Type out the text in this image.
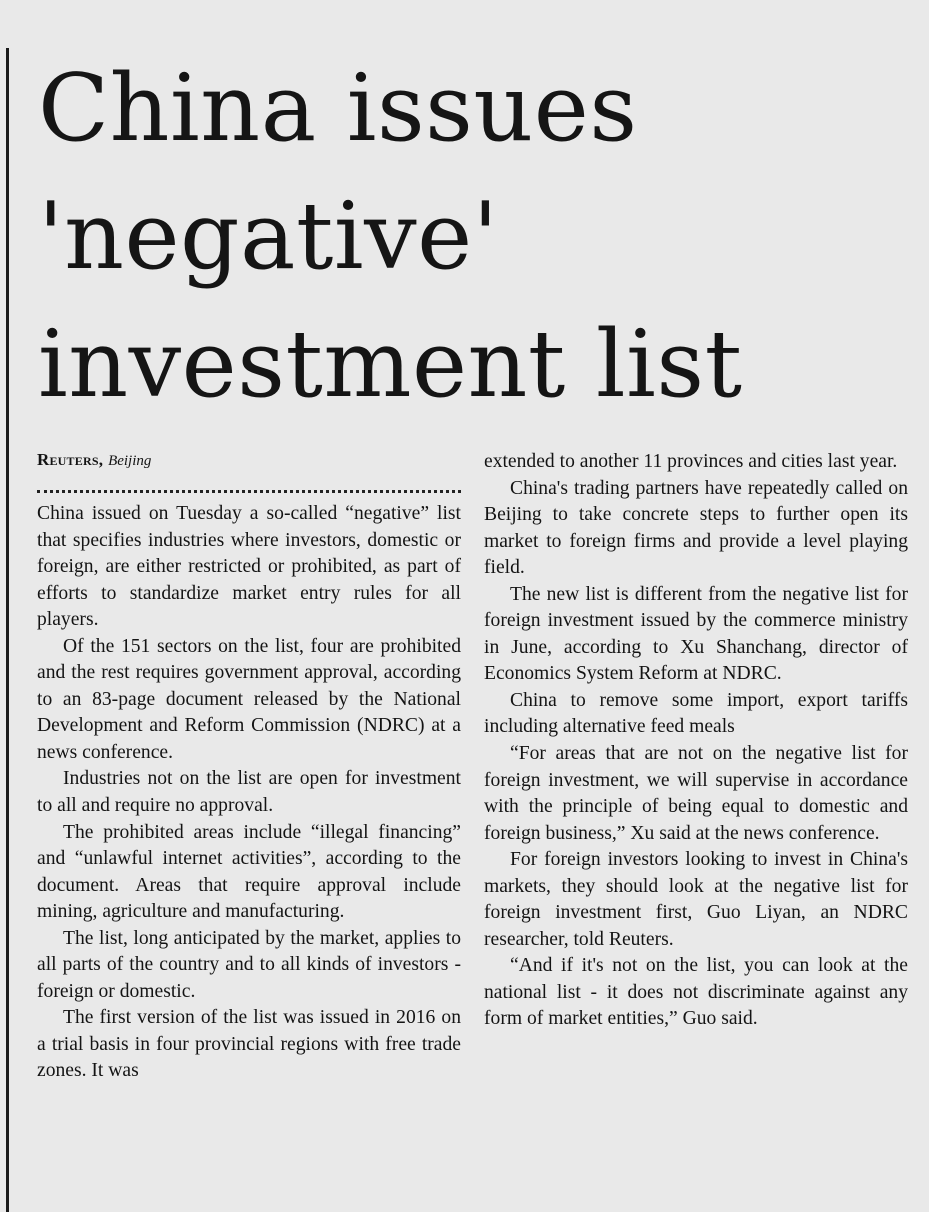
China issues
'negative'
investment list

Reuters, Beijing

China issued on Tuesday a so-called “negative” list that specifies industries where investors, domestic or foreign, are either restricted or prohibited, as part of efforts to standardize market entry rules for all players.

Of the 151 sectors on the list, four are prohibited and the rest requires government approval, according to an 83-page document released by the National Development and Reform Commission (NDRC) at a news conference.

Industries not on the list are open for investment to all and require no approval.

The prohibited areas include “illegal financing” and “unlawful internet activities”, according to the document. Areas that require approval include mining, agriculture and manufacturing.

The list, long anticipated by the market, applies to all parts of the country and to all kinds of investors - foreign or domestic.

The first version of the list was issued in 2016 on a trial basis in four provincial regions with free trade zones. It was

extended to another 11 provinces and cities last year.

China's trading partners have repeatedly called on Beijing to take concrete steps to further open its market to foreign firms and provide a level playing field.

The new list is different from the negative list for foreign investment issued by the commerce ministry in June, according to Xu Shanchang, director of Economics System Reform at NDRC.

China to remove some import, export tariffs including alternative feed meals

“For areas that are not on the negative list for foreign investment, we will supervise in accordance with the principle of being equal to domestic and foreign business,” Xu said at the news conference.

For foreign investors looking to invest in China's markets, they should look at the negative list for foreign investment first, Guo Liyan, an NDRC researcher, told Reuters.

“And if it's not on the list, you can look at the national list - it does not discriminate against any form of market entities,” Guo said.
